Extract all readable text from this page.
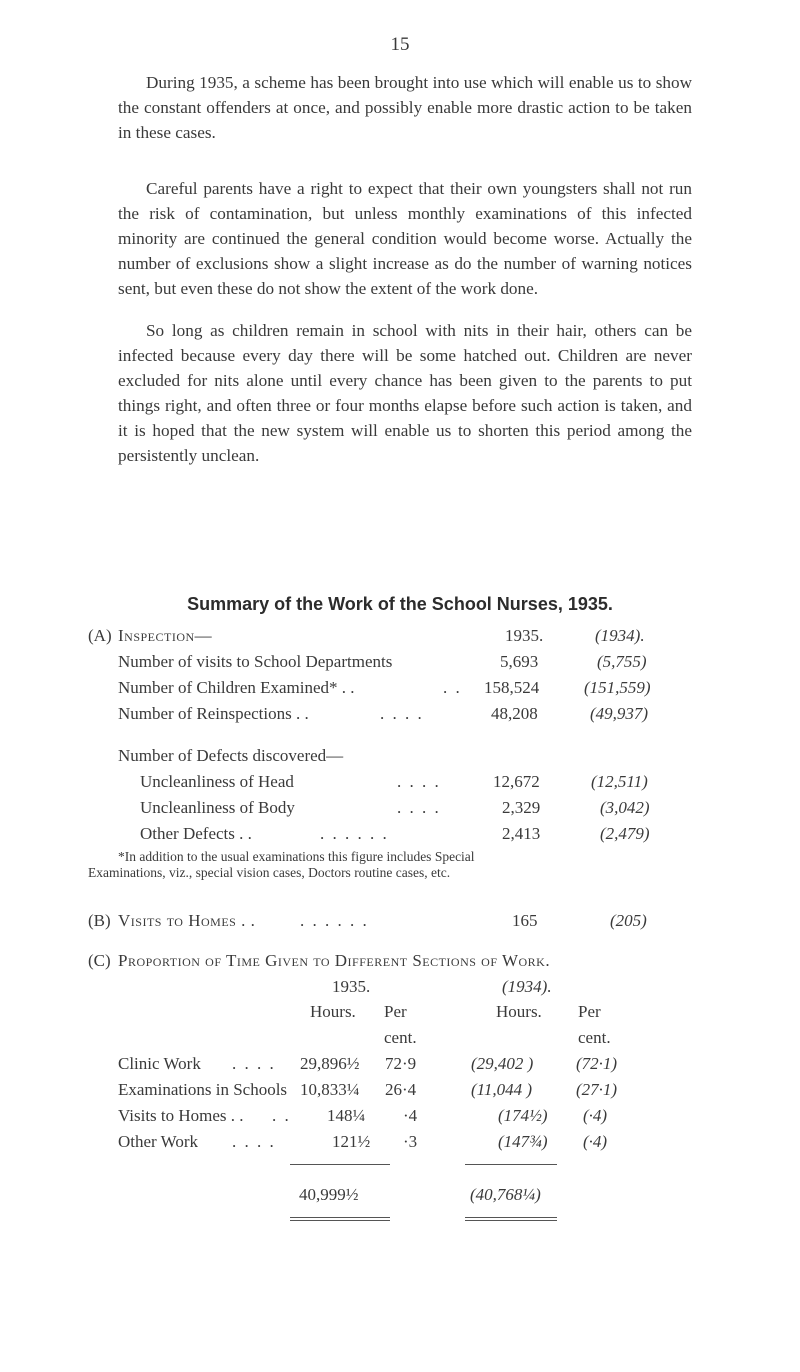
15

During 1935, a scheme has been brought into use which will enable us to show the constant offenders at once, and possibly enable more drastic action to be taken in these cases.

Careful parents have a right to expect that their own youngsters shall not run the risk of contamination, but unless monthly examinations of this infected minority are continued the general condition would become worse. Actually the number of exclusions show a slight increase as do the number of warning notices sent, but even these do not show the extent of the work done.

So long as children remain in school with nits in their hair, others can be infected because every day there will be some hatched out. Children are never excluded for nits alone until every chance has been given to the parents to put things right, and often three or four months elapse before such action is taken, and it is hoped that the new system will enable us to shorten this period among the persistently unclean.

Summary of the Work of the School Nurses, 1935.
(A) Inspection—	1935.	(1934).
Number of visits to School Departments	5,693	(5,755)
Number of Children Examined* . .	. . 158,524	(151,559)
Number of Reinspections . .	. . . .	48,208	(49,937)
Number of Defects discovered—
Uncleanliness of Head	. . . .	12,672	(12,511)
Uncleanliness of Body	. . . .	2,329	(3,042)
Other Defects . .	. . . . . .	2,413	(2,479)
*In addition to the usual examinations this figure includes Special
Examinations, viz., special vision cases, Doctors routine cases, etc.
(B) Visits to Homes . .	. . . . . .	165	(205)
(C) Proportion of Time Given to Different Sections of Work.
1935.	(1934).
Hours. Per	Hours. Per
cent.	cent.
Clinic Work . . . . 29,896½ 72·9	(29,402 )	(72·1)
Examinations in Schools 10,833¼ 26·4	(11,044 )	(27·1)
Visits to Homes . . . . 148¼ ·4	(174½) (·4)
Other Work . . . .	121½ ·3	(147¾) (·4)
40,999½	(40,768¼)
